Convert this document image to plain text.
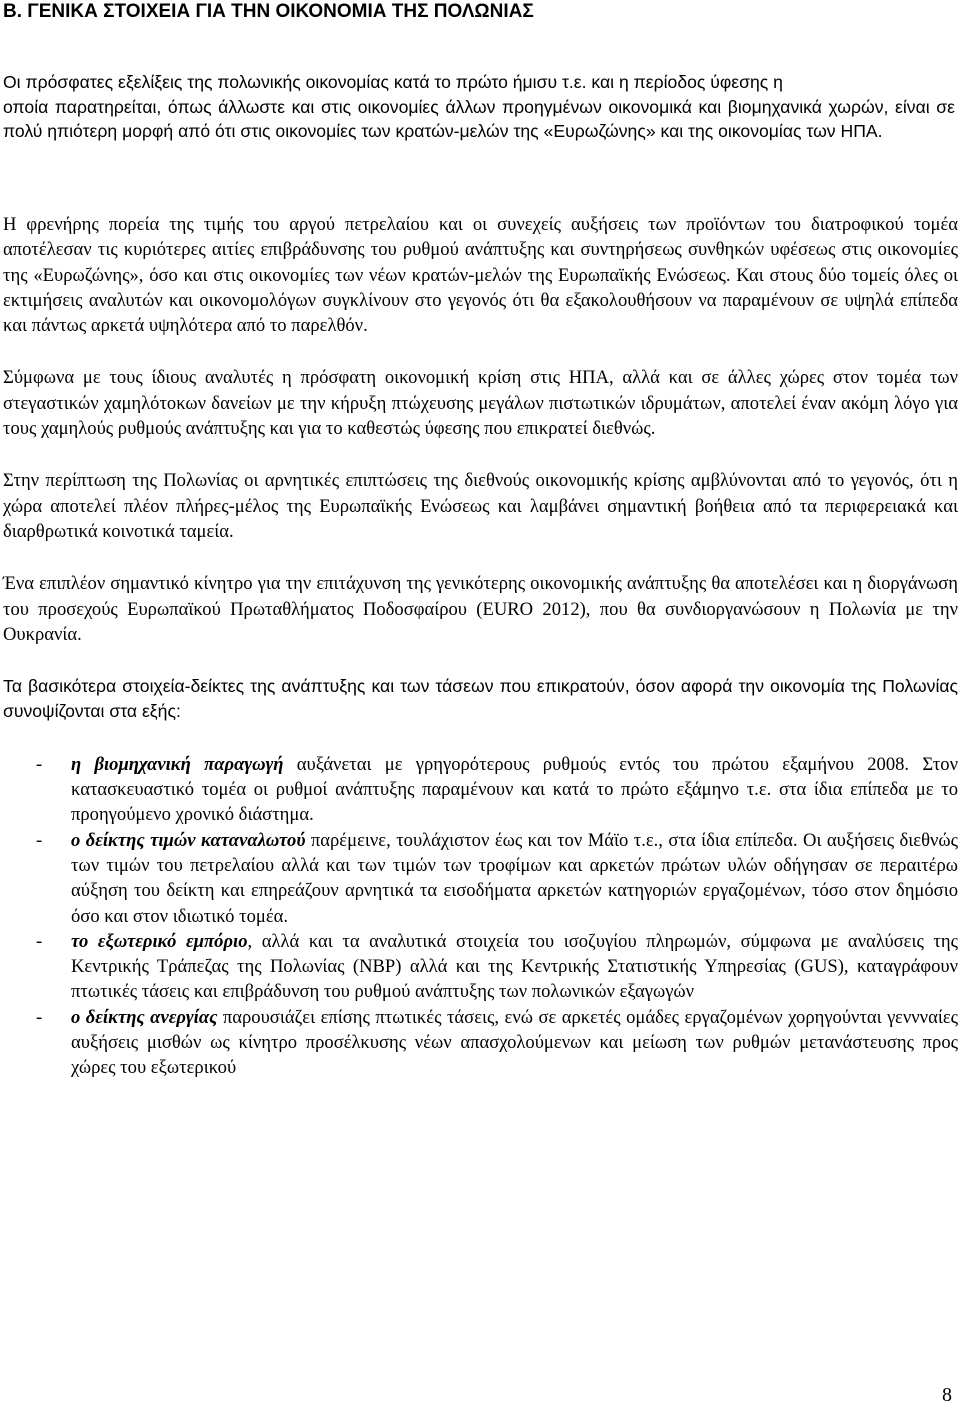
Β. ΓΕΝΙΚΑ ΣΤΟΙΧΕΙΑ ΓΙΑ ΤΗΝ ΟΙΚΟΝΟΜΙΑ ΤΗΣ ΠΟΛΩΝΙΑΣ

Οι πρόσφατες εξελίξεις της πολωνικής οικονομίας κατά το πρώτο ήμισυ τ.ε. και η περίοδος ύφεσης η
οποία παρατηρείται, όπως άλλωστε και στις οικονομίες άλλων προηγμένων οικονομικά και βιομηχανικά χωρών, είναι σε πολύ ηπιότερη μορφή από ότι στις οικονομίες των κρατών-μελών της «Ευρωζώνης» και της οικονομίας των ΗΠΑ.

Η φρενήρης πορεία της τιμής του αργού πετρελαίου και οι συνεχείς αυξήσεις των προϊόντων του διατροφικού τομέα αποτέλεσαν τις κυριότερες αιτίες επιβράδυνσης του ρυθμού ανάπτυξης και συντηρήσεως συνθηκών υφέσεως στις οικονομίες της «Ευρωζώνης», όσο και στις οικονομίες των νέων κρατών-μελών της Ευρωπαϊκής Ενώσεως. Και στους δύο τομείς όλες οι εκτιμήσεις αναλυτών και οικονομολόγων συγκλίνουν στο γεγονός ότι θα εξακολουθήσουν να παραμένουν σε υψηλά επίπεδα και πάντως αρκετά υψηλότερα από το παρελθόν.

Σύμφωνα με τους ίδιους αναλυτές η πρόσφατη οικονομική κρίση στις ΗΠΑ, αλλά και σε άλλες χώρες στον τομέα των στεγαστικών χαμηλότοκων δανείων με την κήρυξη πτώχευσης μεγάλων πιστωτικών ιδρυμάτων, αποτελεί έναν ακόμη λόγο για τους χαμηλούς ρυθμούς ανάπτυξης και για το καθεστώς ύφεσης που επικρατεί διεθνώς.

Στην περίπτωση της Πολωνίας οι αρνητικές επιπτώσεις της διεθνούς οικονομικής κρίσης αμβλύνονται από το γεγονός, ότι η χώρα αποτελεί πλέον πλήρες-μέλος της Ευρωπαϊκής Ενώσεως και λαμβάνει σημαντική βοήθεια από τα περιφερειακά και διαρθρωτικά κοινοτικά ταμεία.

Ένα επιπλέον σημαντικό κίνητρο για την επιτάχυνση της γενικότερης οικονομικής ανάπτυξης θα αποτελέσει και η διοργάνωση του προσεχούς Ευρωπαϊκού Πρωταθλήματος Ποδοσφαίρου (EURO 2012), που θα συνδιοργανώσουν η Πολωνία με την Ουκρανία.

Τα βασικότερα στοιχεία-δείκτες της ανάπτυξης και των τάσεων που επικρατούν, όσον αφορά την οικονομία της Πολωνίας συνοψίζονται στα εξής:

- η βιομηχανική παραγωγή αυξάνεται με γρηγορότερους ρυθμούς εντός του πρώτου εξαμήνου 2008. Στον κατασκευαστικό τομέα οι ρυθμοί ανάπτυξης παραμένουν και κατά το πρώτο εξάμηνο τ.ε. στα ίδια επίπεδα με το προηγούμενο χρονικό διάστημα.
- ο δείκτης τιμών καταναλωτού παρέμεινε, τουλάχιστον έως και τον Μάϊο τ.ε., στα ίδια επίπεδα. Οι αυξήσεις διεθνώς των τιμών του πετρελαίου αλλά και των τιμών των τροφίμων και αρκετών πρώτων υλών οδήγησαν σε περαιτέρω αύξηση του δείκτη και επηρεάζουν αρνητικά τα εισοδήματα αρκετών κατηγοριών εργαζομένων, τόσο στον δημόσιο όσο και στον ιδιωτικό τομέα.
- το εξωτερικό εμπόριο, αλλά και τα αναλυτικά στοιχεία του ισοζυγίου πληρωμών, σύμφωνα με αναλύσεις της Κεντρικής Τράπεζας της Πολωνίας (NBP) αλλά και της Κεντρικής Στατιστικής Υπηρεσίας (GUS), καταγράφουν πτωτικές τάσεις και επιβράδυνση του ρυθμού ανάπτυξης των πολωνικών εξαγωγών
- ο δείκτης ανεργίας παρουσιάζει επίσης πτωτικές τάσεις, ενώ σε αρκετές ομάδες εργαζομένων χορηγούνται γεννναίες αυξήσεις μισθών ως κίνητρο προσέλκυσης νέων απασχολούμενων και μείωση των ρυθμών μετανάστευσης προς χώρες του εξωτερικού
8
